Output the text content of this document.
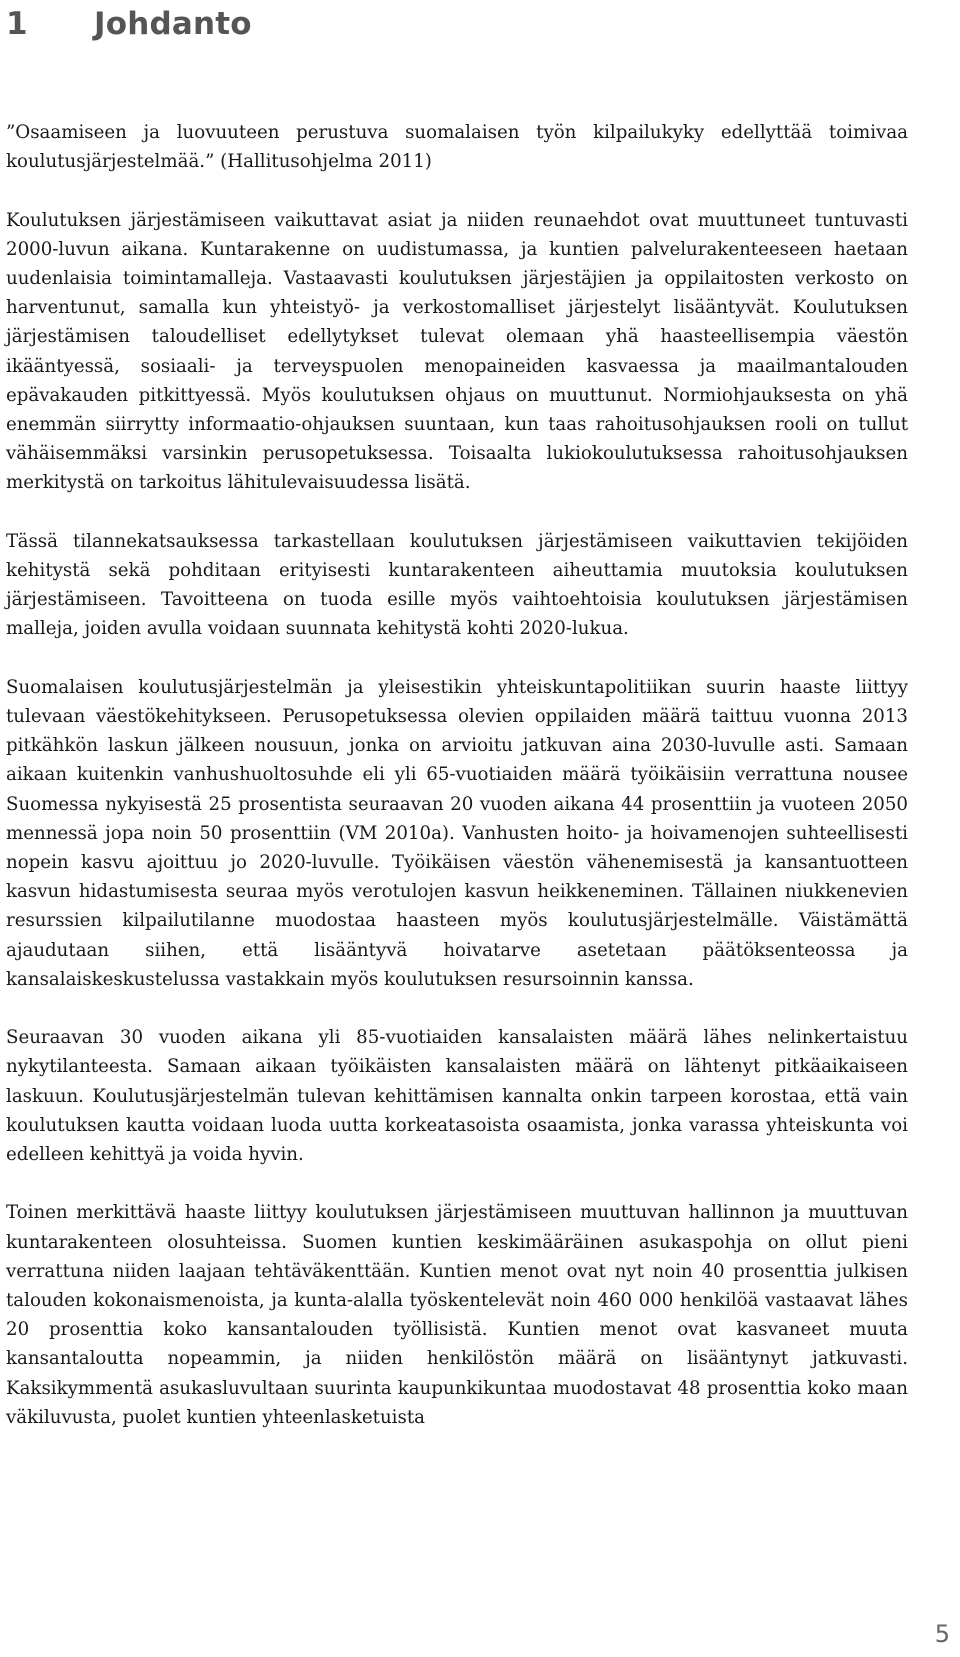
1	Johdanto

”Osaamiseen ja luovuuteen perustuva suomalaisen työn kilpailukyky edellyttää toimivaa koulutusjärjestelmää.” (Hallitusohjelma 2011)

Koulutuksen järjestämiseen vaikuttavat asiat ja niiden reunaehdot ovat muuttuneet tuntuvasti 2000-luvun aikana. Kuntarakenne on uudistumassa, ja kuntien palvelurakenteeseen haetaan uudenlaisia toimintamalleja. Vastaavasti koulutuksen järjestäjien ja oppilaitosten verkosto on harventunut, samalla kun yhteistyö- ja verkostomalliset järjestelyt lisääntyvät. Koulutuksen järjestämisen taloudelliset edellytykset tulevat olemaan yhä haasteellisempia väestön ikääntyessä, sosiaali- ja terveyspuolen menopaineiden kasvaessa ja maailmantalouden epävakauden pitkittyessä. Myös koulutuksen ohjaus on muuttunut. Normiohjauksesta on yhä enemmän siirrytty informaatio-ohjauksen suuntaan, kun taas rahoitusohjauksen rooli on tullut vähäisemmäksi varsinkin perusopetuksessa. Toisaalta lukiokoulutuksessa rahoitusohjauksen merkitystä on tarkoitus lähitulevaisuudessa lisätä.

Tässä tilannekatsauksessa tarkastellaan koulutuksen järjestämiseen vaikuttavien tekijöiden kehitystä sekä pohditaan erityisesti kuntarakenteen aiheuttamia muutoksia koulutuksen järjestämiseen. Tavoitteena on tuoda esille myös vaihtoehtoisia koulutuksen järjestämisen malleja, joiden avulla voidaan suunnata kehitystä kohti 2020-lukua.

Suomalaisen koulutusjärjestelmän ja yleisestikin yhteiskuntapolitiikan suurin haaste liittyy tulevaan väestökehitykseen. Perusopetuksessa olevien oppilaiden määrä taittuu vuonna 2013 pitkähkön laskun jälkeen nousuun, jonka on arvioitu jatkuvan aina 2030-luvulle asti. Samaan aikaan kuitenkin vanhushuoltosuhde eli yli 65-vuotiaiden määrä työikäisiin verrattuna nousee Suomessa nykyisestä 25 prosentista seuraavan 20 vuoden aikana 44 prosenttiin ja vuoteen 2050 mennessä jopa noin 50 prosenttiin (VM 2010a). Vanhusten hoito- ja hoivamenojen suhteellisesti nopein kasvu ajoittuu jo 2020-luvulle. Työikäisen väestön vähenemisestä ja kansantuotteen kasvun hidastumisesta seuraa myös verotulojen kasvun heikkeneminen. Tällainen niukkenevien resurssien kilpailutilanne muodostaa haasteen myös koulutusjärjestelmälle. Väistämättä ajaudutaan siihen, että lisääntyvä hoivatarve asetetaan päätöksenteossa ja kansalaiskeskustelussa vastakkain myös koulutuksen resursoinnin kanssa.

Seuraavan 30 vuoden aikana yli 85-vuotiaiden kansalaisten määrä lähes nelinkertaistuu nykytilanteesta. Samaan aikaan työikäisten kansalaisten määrä on lähtenyt pitkäaikaiseen laskuun. Koulutusjärjestelmän tulevan kehittämisen kannalta onkin tarpeen korostaa, että vain koulutuksen kautta voidaan luoda uutta korkeatasoista osaamista, jonka varassa yhteiskunta voi edelleen kehittyä ja voida hyvin.

Toinen merkittävä haaste liittyy koulutuksen järjestämiseen muuttuvan hallinnon ja muuttuvan kuntarakenteen olosuhteissa. Suomen kuntien keskimääräinen asukaspohja on ollut pieni verrattuna niiden laajaan tehtäväkenttään. Kuntien menot ovat nyt noin 40 prosenttia julkisen talouden kokonaismenoista, ja kunta-alalla työskentelevät noin 460 000 henkilöä vastaavat lähes 20 prosenttia koko kansantalouden työllisistä. Kuntien menot ovat kasvaneet muuta kansantaloutta nopeammin, ja niiden henkilöstön määrä on lisääntynyt jatkuvasti. Kaksikymmentä asukasluvultaan suurinta kaupunkikuntaa muodostavat 48 prosenttia koko maan väkiluvusta, puolet kuntien yhteenlasketuista

5
